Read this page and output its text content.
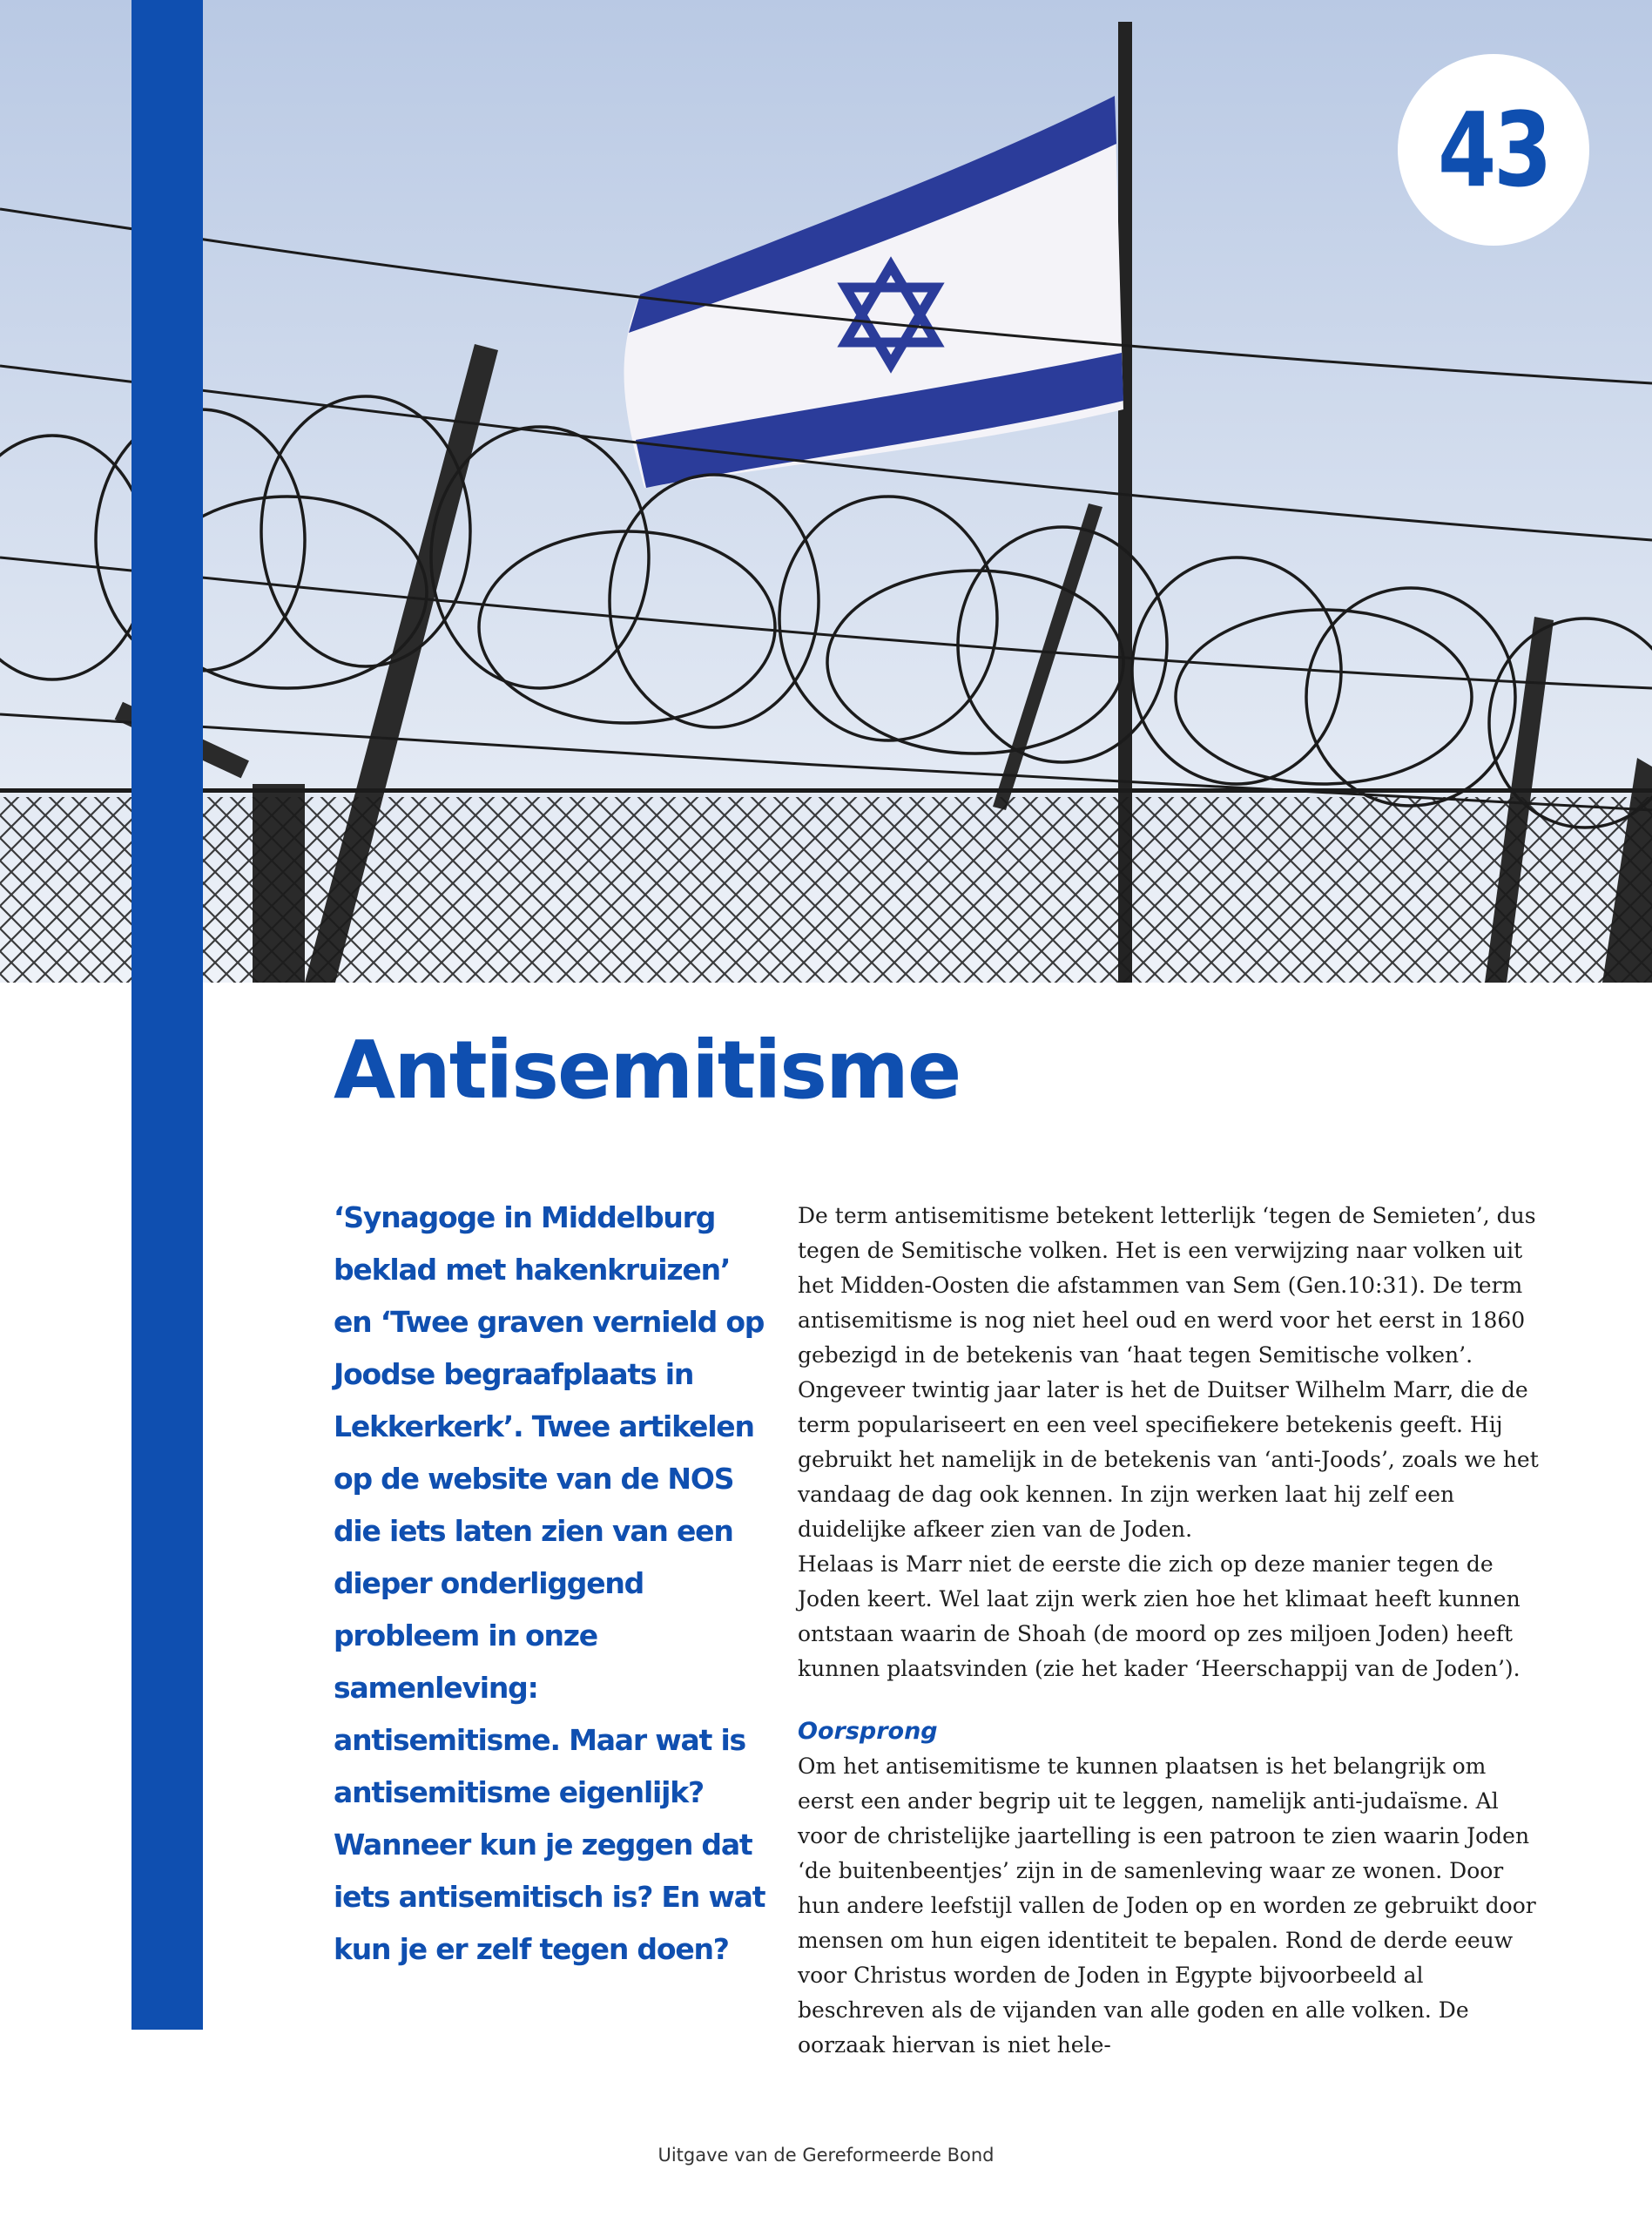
43
Antisemitisme

‘Synagoge in Middelburg beklad met hakenkruizen’ en ‘Twee graven vernield op Joodse begraafplaats in Lekkerkerk’. Twee artikelen op de website van de NOS die iets laten zien van een dieper onderliggend probleem in onze samenleving: antisemitisme. Maar wat is antisemitisme eigenlijk? Wanneer kun je zeggen dat iets antisemitisch is? En wat kun je er zelf tegen doen?

De term antisemitisme betekent letterlijk ‘tegen de Semieten’, dus tegen de Semitische volken. Het is een verwijzing naar volken uit het Midden-Oosten die afstammen van Sem (Gen.10:31). De term antisemitisme is nog niet heel oud en werd voor het eerst in 1860 gebezigd in de betekenis van ‘haat tegen Semitische volken’. Ongeveer twintig jaar later is het de Duitser Wilhelm Marr, die de term populariseert en een veel specifiekere betekenis geeft. Hij gebruikt het namelijk in de betekenis van ‘anti-Joods’, zoals we het vandaag de dag ook kennen. In zijn werken laat hij zelf een duidelijke afkeer zien van de Joden.

Helaas is Marr niet de eerste die zich op deze manier tegen de Joden keert. Wel laat zijn werk zien hoe het klimaat heeft kunnen ontstaan waarin de Shoah (de moord op zes miljoen Joden) heeft kunnen plaatsvinden (zie het kader ‘Heerschappij van de Joden’).

Oorsprong

Om het antisemitisme te kunnen plaatsen is het belangrijk om eerst een ander begrip uit te leggen, namelijk anti-judaïsme. Al voor de christelijke jaartelling is een patroon te zien waarin Joden ‘de buitenbeentjes’ zijn in de samenleving waar ze wonen. Door hun andere leefstijl vallen de Joden op en worden ze gebruikt door mensen om hun eigen identiteit te bepalen. Rond de derde eeuw voor Christus worden de Joden in Egypte bijvoorbeeld al beschreven als de vijanden van alle goden en alle volken. De oorzaak hiervan is niet hele-

Uitgave van de Gereformeerde Bond
